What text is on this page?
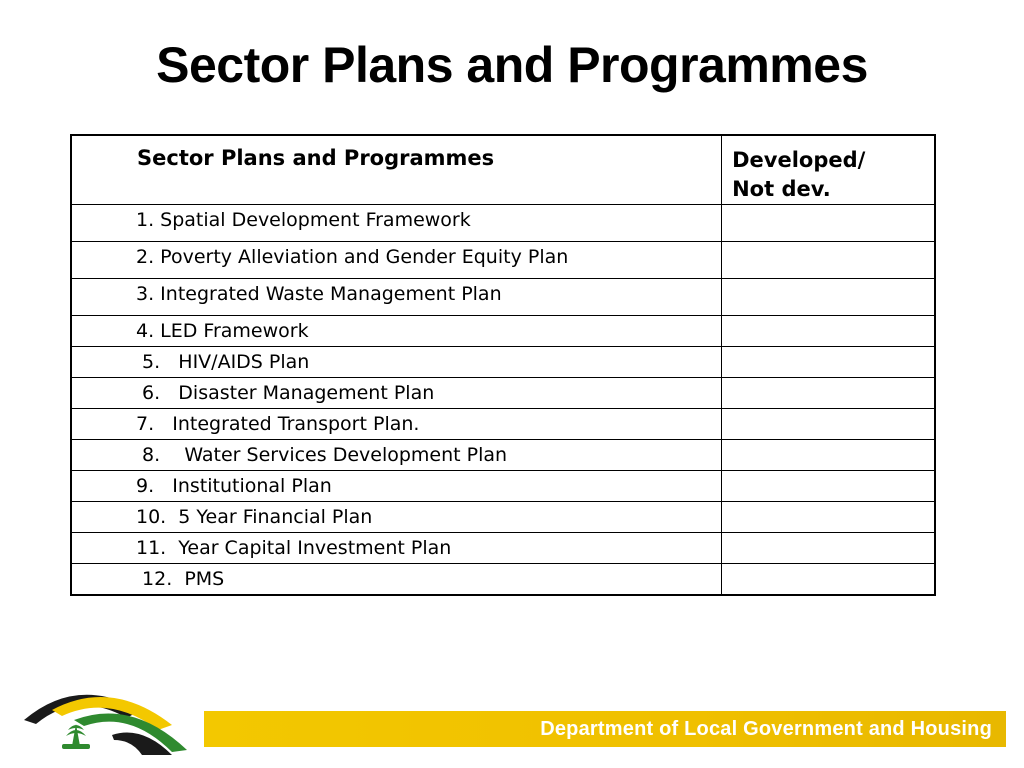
Sector Plans and Programmes
Sector Plans and Programmes	Developed/ Not dev.

1. Spatial Development Framework	
2. Poverty Alleviation and Gender Equity Plan	
3. Integrated Waste Management Plan	
4. LED Framework	
5.   HIV/AIDS Plan	
6.   Disaster Management Plan	
7.   Integrated Transport Plan.	
8.    Water Services Development Plan	
9.   Institutional Plan	
10.  5 Year Financial Plan	
11.  Year Capital Investment Plan	
12.  PMS	
Department of Local Government and Housing
